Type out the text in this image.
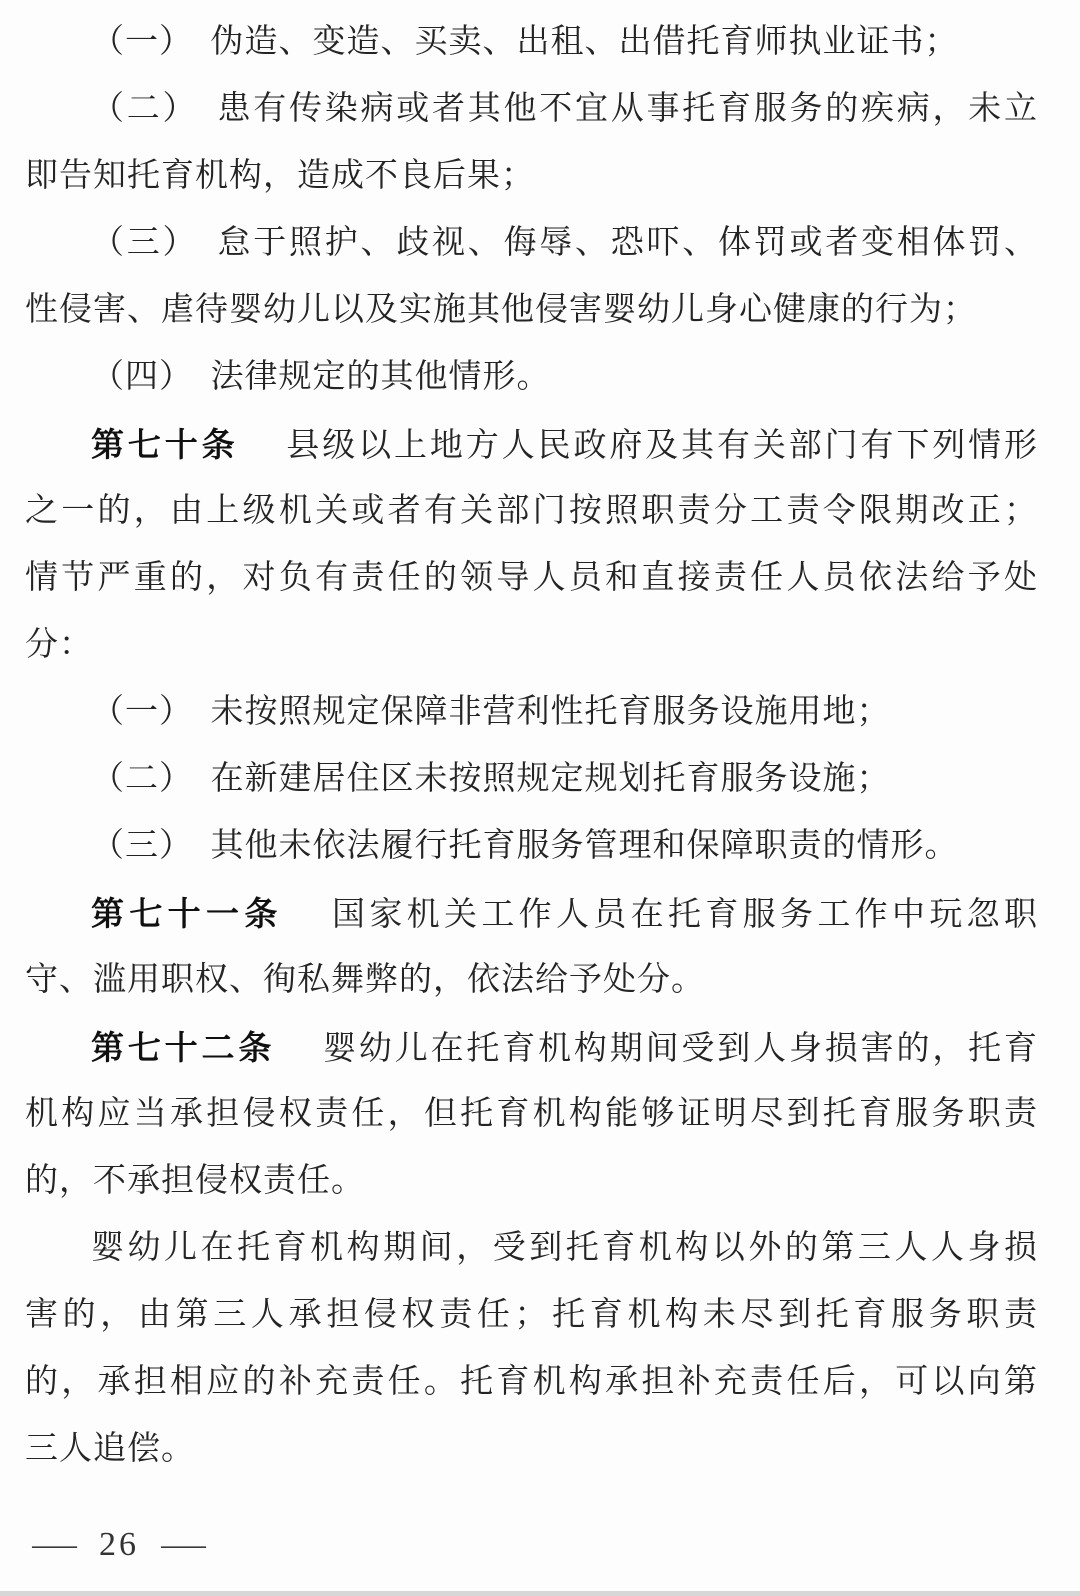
（一）　伪造、变造、买卖、出租、出借托育师执业证书；
（二）　患有传染病或者其他不宜从事托育服务的疾病，未立
即告知托育机构，造成不良后果；
（三）　怠于照护、歧视、侮辱、恐吓、体罚或者变相体罚、
性侵害、虐待婴幼儿以及实施其他侵害婴幼儿身心健康的行为；
（四）　法律规定的其他情形。
第七十条 县级以上地方人民政府及其有关部门有下列情形
之一的，由上级机关或者有关部门按照职责分工责令限期改正；
情节严重的，对负有责任的领导人员和直接责任人员依法给予处
分：
（一）　未按照规定保障非营利性托育服务设施用地；
（二）　在新建居住区未按照规定规划托育服务设施；
（三）　其他未依法履行托育服务管理和保障职责的情形。
第七十一条 国家机关工作人员在托育服务工作中玩忽职
守、滥用职权、徇私舞弊的，依法给予处分。
第七十二条 婴幼儿在托育机构期间受到人身损害的，托育
机构应当承担侵权责任，但托育机构能够证明尽到托育服务职责
的，不承担侵权责任。
婴幼儿在托育机构期间，受到托育机构以外的第三人人身损
害的，由第三人承担侵权责任；托育机构未尽到托育服务职责
的，承担相应的补充责任。托育机构承担补充责任后，可以向第
三人追偿。
— 26 —
